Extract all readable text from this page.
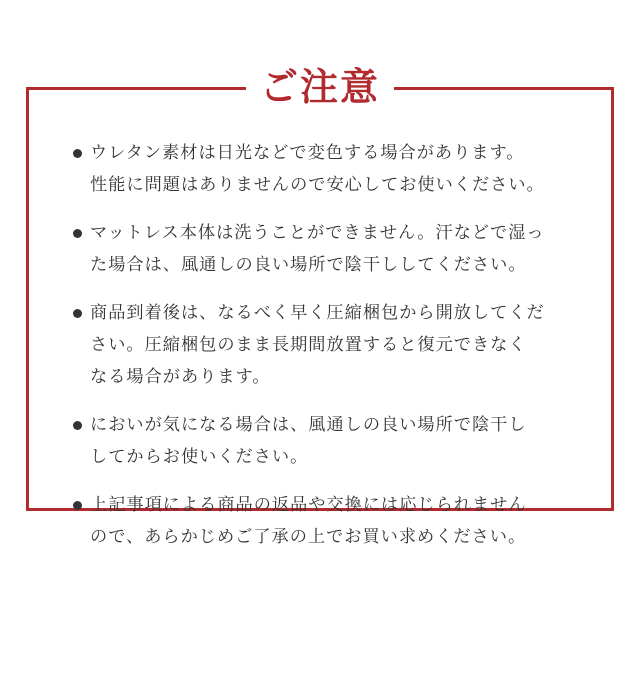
ご注意
ウレタン素材は日光などで変色する場合があります。
性能に問題はありませんので安心してお使いください。
マットレス本体は洗うことができません。汗などで湿っ
た場合は、風通しの良い場所で陰干ししてください。
商品到着後は、なるべく早く圧縮梱包から開放してくだ
さい。圧縮梱包のまま長期間放置すると復元できなく
なる場合があります。
においが気になる場合は、風通しの良い場所で陰干し
してからお使いください。
上記事項による商品の返品や交換には応じられません
ので、あらかじめご了承の上でお買い求めください。
